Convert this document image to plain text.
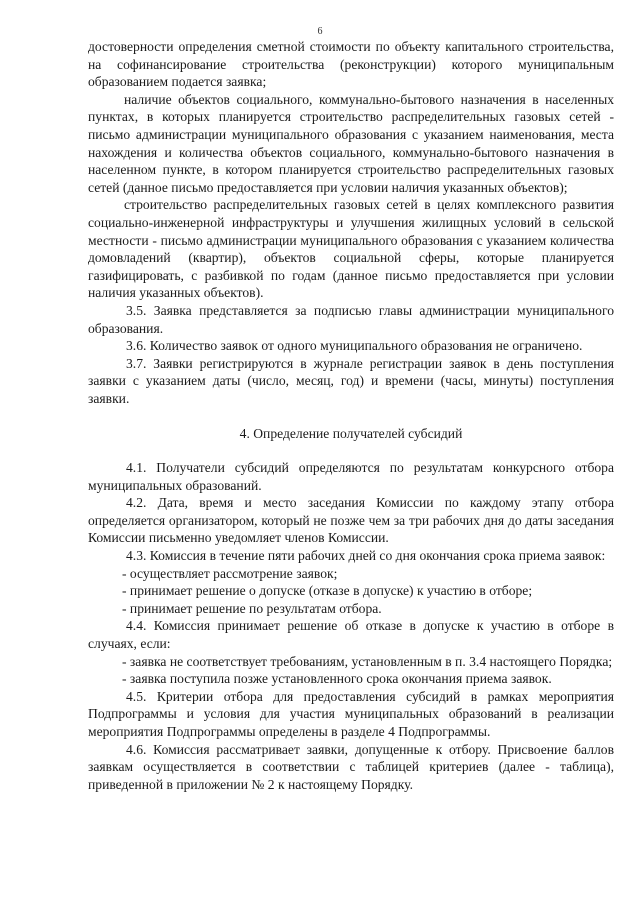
6

достоверности определения сметной стоимости по объекту капитального строительства, на софинансирование строительства (реконструкции) которого муниципальным образованием подается заявка;

наличие объектов социального, коммунально-бытового назначения в населенных пунктах, в которых планируется строительство распределительных газовых сетей - письмо администрации муниципального образования с указанием наименования, места нахождения и количества объектов социального, коммунально-бытового назначения в населенном пункте, в котором планируется строительство распределительных газовых сетей (данное письмо предоставляется при условии наличия указанных объектов);

строительство распределительных газовых сетей в целях комплексного развития социально-инженерной инфраструктуры и улучшения жилищных условий в сельской местности - письмо администрации муниципального образования с указанием количества домовладений (квартир), объектов социальной сферы, которые планируется газифицировать, с разбивкой по годам (данное письмо предоставляется при условии наличия указанных объектов).

3.5. Заявка представляется за подписью главы администрации муниципального образования.

3.6. Количество заявок от одного муниципального образования не ограничено.

3.7. Заявки регистрируются в журнале регистрации заявок в день поступления заявки с указанием даты (число, месяц, год) и времени (часы, минуты) поступления заявки.

4. Определение получателей субсидий

4.1. Получатели субсидий определяются по результатам конкурсного отбора муниципальных образований.

4.2. Дата, время и место заседания Комиссии по каждому этапу отбора определяется организатором, который не позже чем за три рабочих дня до даты заседания Комиссии письменно уведомляет членов Комиссии.

4.3. Комиссия в течение пяти рабочих дней со дня окончания срока приема заявок:

- осуществляет рассмотрение заявок;

- принимает решение о допуске (отказе в допуске) к участию в отборе;

- принимает решение по результатам отбора.

4.4. Комиссия принимает решение об отказе в допуске к участию в отборе в случаях, если:

- заявка не соответствует требованиям, установленным в п. 3.4 настоящего Порядка;

- заявка поступила позже установленного срока окончания приема заявок.

4.5. Критерии отбора для предоставления субсидий в рамках мероприятия Подпрограммы и условия для участия муниципальных образований в реализации мероприятия Подпрограммы определены в разделе 4 Подпрограммы.

4.6. Комиссия рассматривает заявки, допущенные к отбору. Присвоение баллов заявкам осуществляется в соответствии с таблицей критериев (далее - таблица), приведенной в приложении № 2 к настоящему Порядку.
